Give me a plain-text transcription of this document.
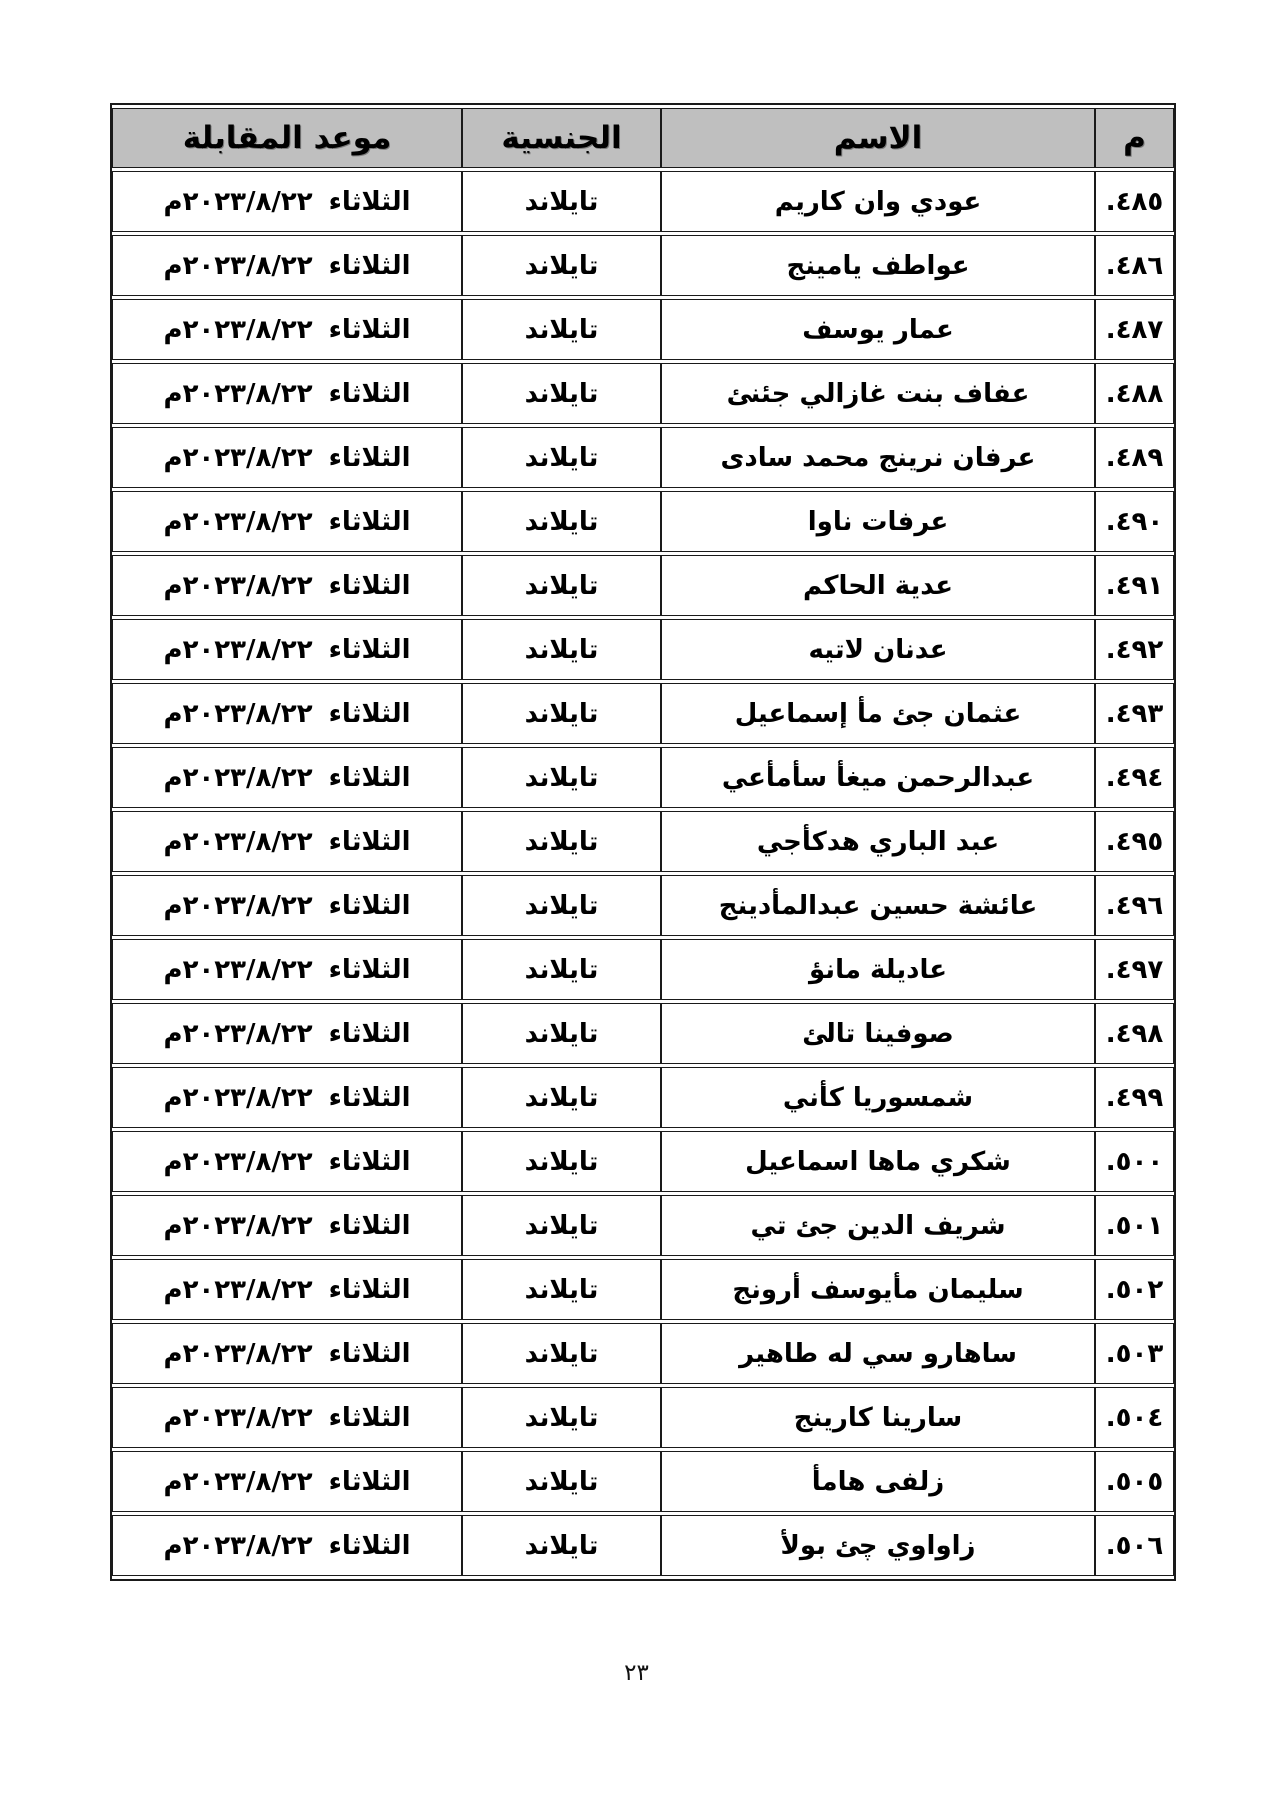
م	الاسم	الجنسية	موعد المقابلة
٤٨٥.	عودي وان كاريم	تايلاند	الثلاثاء٢٠٢٣/٨/٢٢م
٤٨٦.	عواطف يامينج	تايلاند	الثلاثاء٢٠٢٣/٨/٢٢م
٤٨٧.	عمار يوسف	تايلاند	الثلاثاء٢٠٢٣/٨/٢٢م
٤٨٨.	عفاف بنت غازالي جئنئ	تايلاند	الثلاثاء٢٠٢٣/٨/٢٢م
٤٨٩.	عرفان نرينج محمد سادى	تايلاند	الثلاثاء٢٠٢٣/٨/٢٢م
٤٩٠.	عرفات ناوا	تايلاند	الثلاثاء٢٠٢٣/٨/٢٢م
٤٩١.	عدية الحاكم	تايلاند	الثلاثاء٢٠٢٣/٨/٢٢م
٤٩٢.	عدنان لاتيه	تايلاند	الثلاثاء٢٠٢٣/٨/٢٢م
٤٩٣.	عثمان جئ مأ إسماعيل	تايلاند	الثلاثاء٢٠٢٣/٨/٢٢م
٤٩٤.	عبدالرحمن ميغأ سأمأعي	تايلاند	الثلاثاء٢٠٢٣/٨/٢٢م
٤٩٥.	عبد الباري هدكأجي	تايلاند	الثلاثاء٢٠٢٣/٨/٢٢م
٤٩٦.	عائشة حسين عبدالمأدينج	تايلاند	الثلاثاء٢٠٢٣/٨/٢٢م
٤٩٧.	عاديلة مانؤ	تايلاند	الثلاثاء٢٠٢٣/٨/٢٢م
٤٩٨.	صوفينا تالئ	تايلاند	الثلاثاء٢٠٢٣/٨/٢٢م
٤٩٩.	شمسوريا كأني	تايلاند	الثلاثاء٢٠٢٣/٨/٢٢م
٥٠٠.	شكري ماها اسماعيل	تايلاند	الثلاثاء٢٠٢٣/٨/٢٢م
٥٠١.	شريف الدين جئ تي	تايلاند	الثلاثاء٢٠٢٣/٨/٢٢م
٥٠٢.	سليمان مأيوسف أرونج	تايلاند	الثلاثاء٢٠٢٣/٨/٢٢م
٥٠٣.	ساهارو سي له طاهير	تايلاند	الثلاثاء٢٠٢٣/٨/٢٢م
٥٠٤.	سارينا كارينج	تايلاند	الثلاثاء٢٠٢٣/٨/٢٢م
٥٠٥.	زلفى هامأ	تايلاند	الثلاثاء٢٠٢٣/٨/٢٢م
٥٠٦.	زاواوي چئ بولأ	تايلاند	الثلاثاء٢٠٢٣/٨/٢٢م
٢٣
